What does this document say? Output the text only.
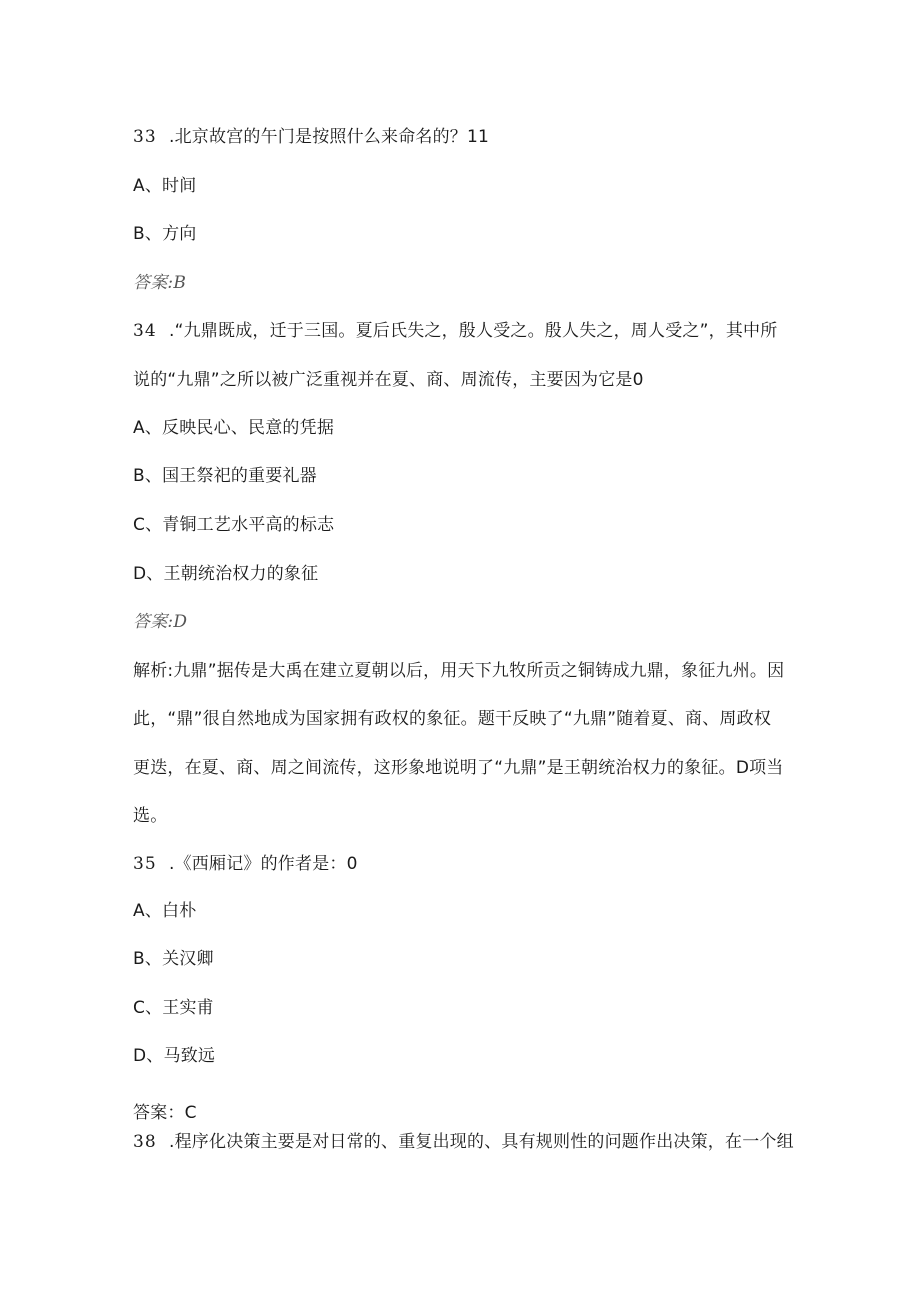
33 .北京故宫的午门是按照什么来命名的？11
A、时间
B、方向
答案:B
34 .“九鼎既成，迁于三国。夏后氏失之，殷人受之。殷人失之，周人受之”，其中所
说的“九鼎”之所以被广泛重视并在夏、商、周流传，主要因为它是0
A、反映民心、民意的凭据
B、国王祭祀的重要礼器
C、青铜工艺水平高的标志
D、王朝统治权力的象征
答案:D
解析:九鼎”据传是大禹在建立夏朝以后，用天下九牧所贡之铜铸成九鼎，象征九州。因
此，“鼎”很自然地成为国家拥有政权的象征。题干反映了“九鼎”随着夏、商、周政权
更迭，在夏、商、周之间流传，这形象地说明了“九鼎”是王朝统治权力的象征。D项当
选。
35 .《西厢记》的作者是：0
A、白朴
B、关汉卿
C、王实甫
D、马致远
答案：C
38 .程序化决策主要是对日常的、重复出现的、具有规则性的问题作出决策，在一个组
